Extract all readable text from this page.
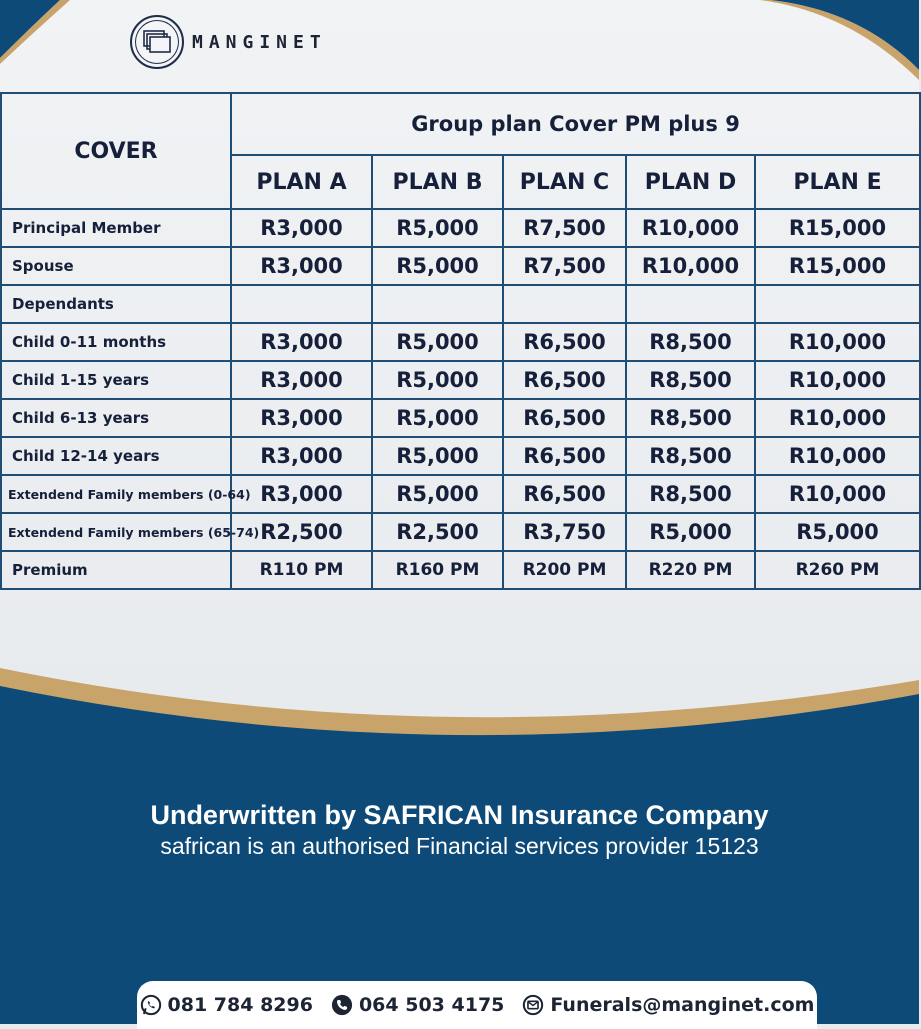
MANGINET
COVER	Group plan Cover PM plus 9				
	PLAN A	PLAN B	PLAN C	PLAN D	PLAN E
Principal Member	R3,000	R5,000	R7,500	R10,000	R15,000
Spouse	R3,000	R5,000	R7,500	R10,000	R15,000
Dependants					
Child 0-11 months	R3,000	R5,000	R6,500	R8,500	R10,000
Child 1-15 years	R3,000	R5,000	R6,500	R8,500	R10,000
Child 6-13 years	R3,000	R5,000	R6,500	R8,500	R10,000
Child 12-14 years	R3,000	R5,000	R6,500	R8,500	R10,000
Extendend Family members (0-64)	R3,000	R5,000	R6,500	R8,500	R10,000
Extendend Family members (65-74)	R2,500	R2,500	R3,750	R5,000	R5,000
Premium	R110 PM	R160 PM	R200 PM	R220 PM	R260 PM
Underwritten by SAFRICAN Insurance Company
safrican is an authorised Financial services provider 15123
081 784 8296 064 503 4175 Funerals@manginet.com
